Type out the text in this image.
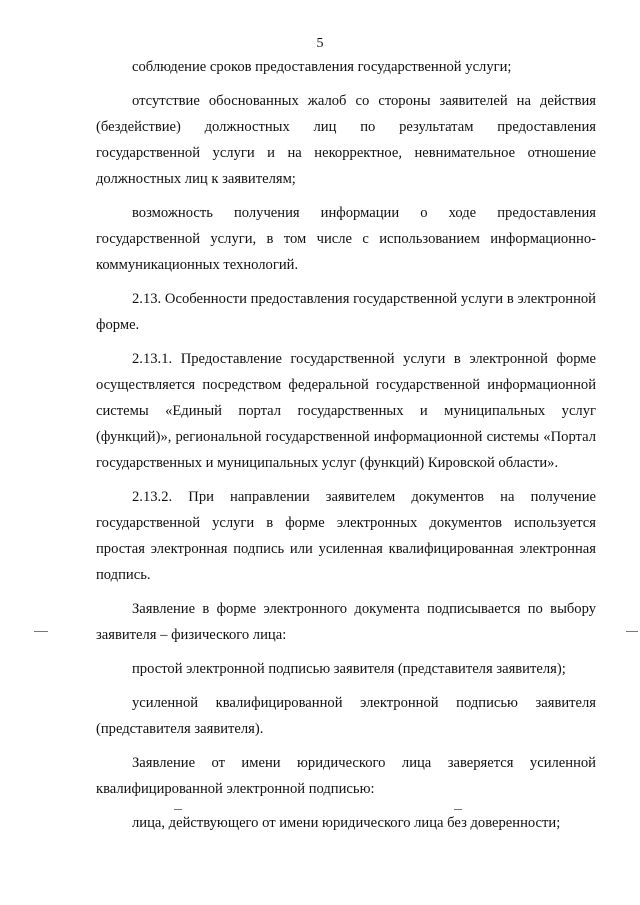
5

соблюдение сроков предоставления государственной услуги;

отсутствие обоснованных жалоб со стороны заявителей на действия (бездействие) должностных лиц по результатам предоставления государственной услуги и на некорректное, невнимательное отношение должностных лиц к заявителям;

возможность получения информации о ходе предоставления государственной услуги, в том числе с использованием информационно-коммуникационных технологий.

2.13. Особенности предоставления государственной услуги в электронной форме.

2.13.1. Предоставление государственной услуги в электронной форме осуществляется посредством федеральной государственной информационной системы «Единый портал государственных и муниципальных услуг (функций)», региональной государственной информационной системы «Портал государственных и муниципальных услуг (функций) Кировской области».

2.13.2. При направлении заявителем документов на получение государственной услуги в форме электронных документов используется простая электронная подпись или усиленная квалифицированная электронная подпись.

Заявление в форме электронного документа подписывается по выбору заявителя – физического лица:

простой электронной подписью заявителя (представителя заявителя);

усиленной квалифицированной электронной подписью заявителя (представителя заявителя).

Заявление от имени юридического лица заверяется усиленной квалифицированной электронной подписью:

лица, действующего от имени юридического лица без доверенности;
